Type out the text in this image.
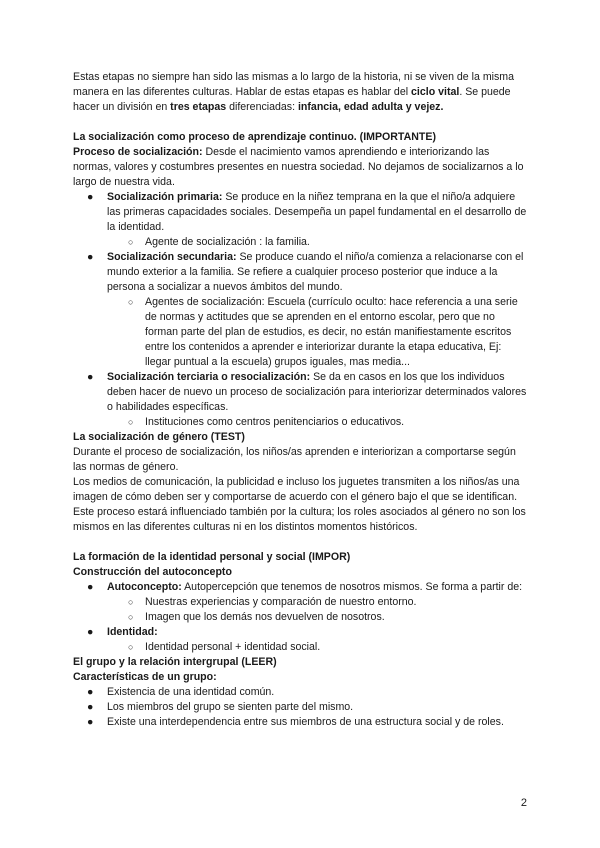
Estas etapas no siempre han sido las mismas a lo largo de la historia, ni se viven de la misma manera en las diferentes culturas. Hablar de estas etapas es hablar del ciclo vital. Se puede hacer un división en tres etapas diferenciadas: infancia, edad adulta y vejez.

La socialización como proceso de aprendizaje continuo. (IMPORTANTE)

Proceso de socialización: Desde el nacimiento vamos aprendiendo e interiorizando las normas, valores y costumbres presentes en nuestra sociedad. No dejamos de socializarnos a lo largo de nuestra vida.

● Socialización primaria: Se produce en la niñez temprana en la que el niño/a adquiere las primeras capacidades sociales. Desempeña un papel fundamental en el desarrollo de la identidad.
○ Agente de socialización : la familia.
● Socialización secundaria: Se produce cuando el niño/a comienza a relacionarse con el mundo exterior a la familia. Se refiere a cualquier proceso posterior que induce a la persona a socializar a nuevos ámbitos del mundo.
○ Agentes de socialización: Escuela (currículo oculto: hace referencia a una serie de normas y actitudes que se aprenden en el entorno escolar, pero que no forman parte del plan de estudios, es decir, no están manifiestamente escritos entre los contenidos a aprender e interiorizar durante la etapa educativa, Ej: llegar puntual a la escuela) grupos iguales, mas media...
● Socialización terciaria o resocialización: Se da en casos en los que los individuos deben hacer de nuevo un proceso de socialización para interiorizar determinados valores o habilidades específicas.
○ Instituciones como centros penitenciarios o educativos.

La socialización de género (TEST)

Durante el proceso de socialización, los niños/as aprenden e interiorizan a comportarse según las normas de género.

Los medios de comunicación, la publicidad e incluso los juguetes transmiten a los niños/as una imagen de cómo deben ser y comportarse de acuerdo con el género bajo el que se identifican.

Este proceso estará influenciado también por la cultura; los roles asociados al género no son los mismos en las diferentes culturas ni en los distintos momentos históricos.

La formación de la identidad personal y social (IMPOR)

Construcción del autoconcepto

● Autoconcepto: Autopercepción que tenemos de nosotros mismos. Se forma a partir de:
○ Nuestras experiencias y comparación de nuestro entorno.
○ Imagen que los demás nos devuelven de nosotros.
● Identidad:
○ Identidad personal + identidad social.

El grupo y la relación intergrupal (LEER)

Características de un grupo:

● Existencia de una identidad común.
● Los miembros del grupo se sienten parte del mismo.
● Existe una interdependencia entre sus miembros de una estructura social y de roles.
2
